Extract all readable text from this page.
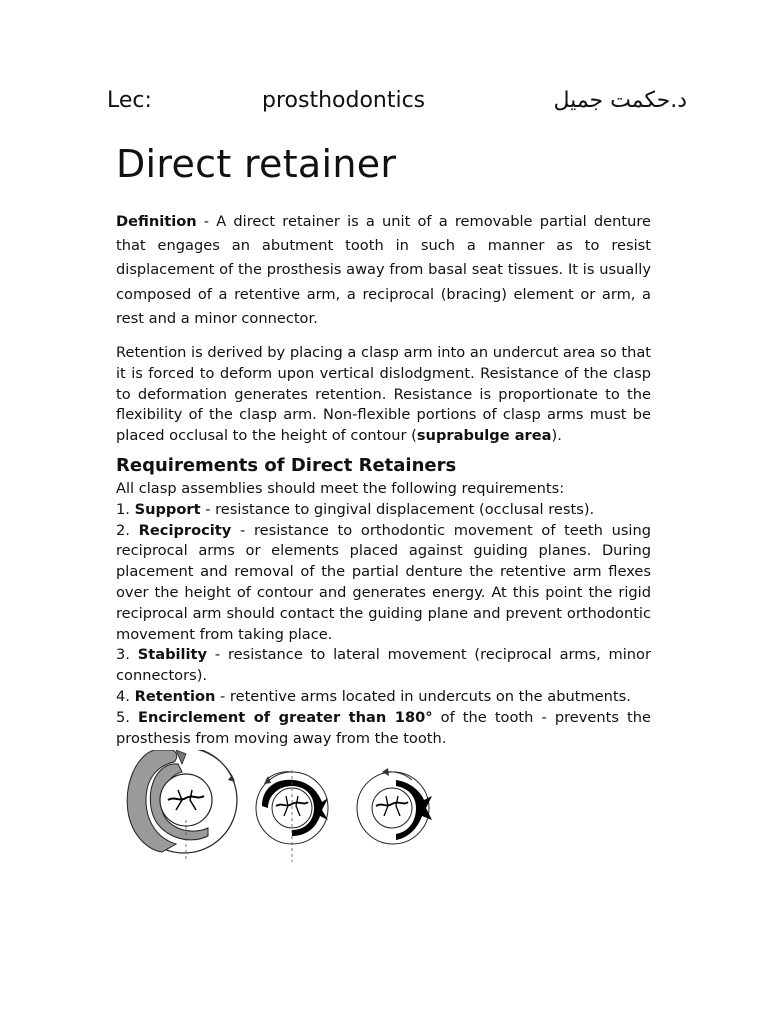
Lec:	prosthodontics	د.حكمت جميل
Direct retainer

Definition - A direct retainer is a unit of a removable partial denture that engages an abutment tooth in such a manner as to resist displacement of the prosthesis away from basal seat tissues. It is usually composed of a retentive arm, a reciprocal (bracing) element or arm, a rest and a minor connector.

Retention is derived by placing a clasp arm into an undercut area so that it is forced to deform upon vertical dislodgment. Resistance of the clasp to deformation generates retention. Resistance is proportionate to the flexibility of the clasp arm. Non-flexible portions of clasp arms must be placed occlusal to the height of contour (suprabulge area).

Requirements of Direct Retainers

All clasp assemblies should meet the following requirements:

1. Support - resistance to gingival displacement (occlusal rests).

2. Reciprocity - resistance to orthodontic movement of teeth using reciprocal arms or elements placed against guiding planes. During placement and removal of the partial denture the retentive arm flexes over the height of contour and generates energy. At this point the rigid reciprocal arm should contact the guiding plane and prevent orthodontic movement from taking place.

3. Stability - resistance to lateral movement (reciprocal arms, minor connectors).

4. Retention - retentive arms located in undercuts on the abutments.

5. Encirclement of greater than 180° of the tooth - prevents the prosthesis from moving away from the tooth.
